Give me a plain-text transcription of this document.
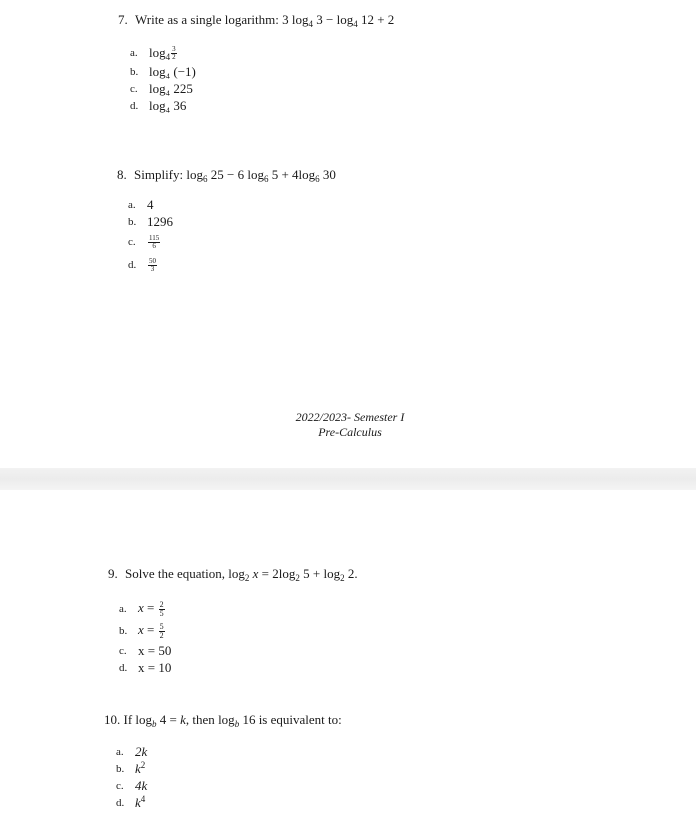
7. Write as a single logarithm: 3 $\log_4 3 - \log_4 12 + 2$
a. $\log_4 \frac{3}{2}$
b. log₄ (−1)
c. log₄ 225
d. log₄ 36
8. Simplify: $\log_6 25 - 6$ $\log_6 5 + 4\log_6$ 30
a. 4
b. 1296
c.	$\frac{115}{6}$
d.	$\frac{50}{3}$
2022/2023- Semester I
Pre-Calculus
9. Solve the equation, $\log_2 x = 2\log_2$ $5 + \log_2 2$.
a. $x = \frac{2}{5}$
b. $x = \frac{5}{2}$
c. x = 50
d. x = 10
10. If $\log_b 4 = k$, then $\log_b 16$ is equivalent to:
a. 2k
b. $k^2$
c. 4k
d. $k^4$
